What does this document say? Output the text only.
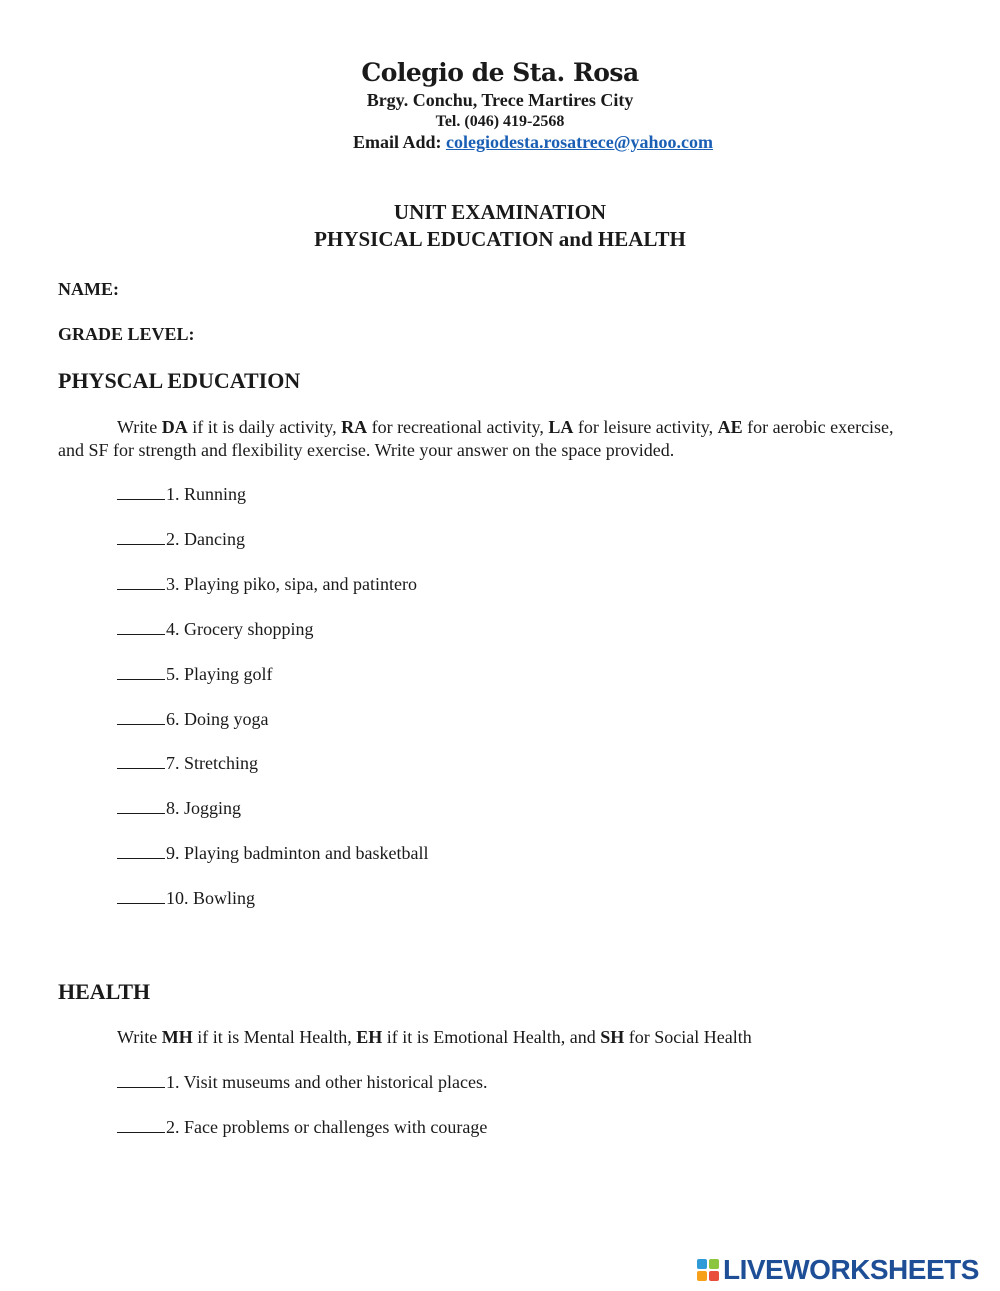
Colegio de Sta. Rosa
Brgy. Conchu, Trece Martires City
Tel. (046) 419-2568
Email Add: colegiodesta.rosatrece@yahoo.com
UNIT EXAMINATION
PHYSICAL EDUCATION and HEALTH
NAME:
GRADE LEVEL:
PHYSCAL EDUCATION
Write DA if it is daily activity, RA for recreational activity, LA for leisure activity, AE for aerobic exercise, and SF for strength and flexibility exercise. Write your answer on the space provided.
1. Running
2. Dancing
3. Playing piko, sipa, and patintero
4. Grocery shopping
5. Playing golf
6. Doing yoga
7. Stretching
8. Jogging
9. Playing badminton and basketball
10. Bowling
HEALTH
Write MH if it is Mental Health, EH if it is Emotional Health, and SH for Social Health
1. Visit museums and other historical places.
2. Face problems or challenges with courage
LIVEWORKSHEETS
